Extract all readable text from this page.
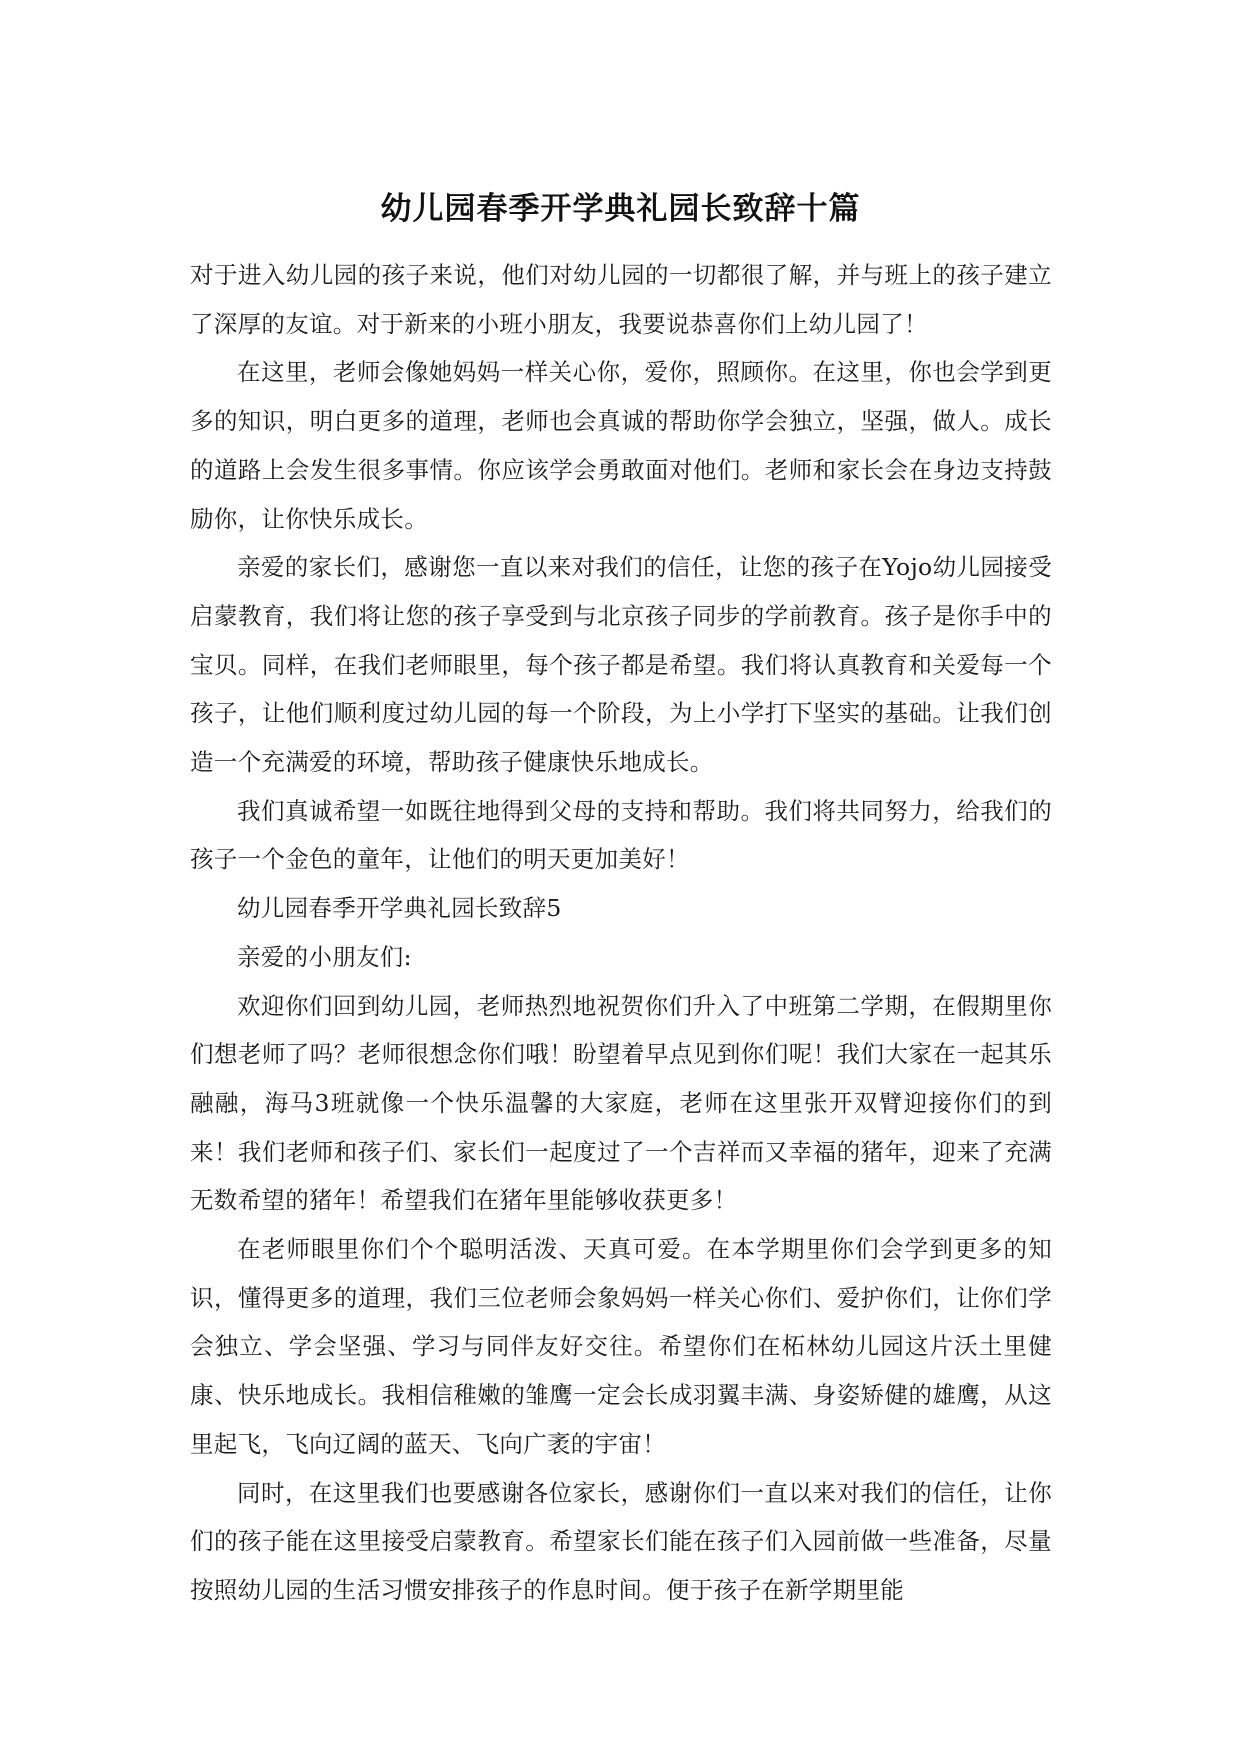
幼儿园春季开学典礼园长致辞十篇

对于进入幼儿园的孩子来说，他们对幼儿园的一切都很了解，并与班上的孩子建立了深厚的友谊。对于新来的小班小朋友，我要说恭喜你们上幼儿园了！

在这里，老师会像她妈妈一样关心你，爱你，照顾你。在这里，你也会学到更多的知识，明白更多的道理，老师也会真诚的帮助你学会独立，坚强，做人。成长的道路上会发生很多事情。你应该学会勇敢面对他们。老师和家长会在身边支持鼓励你，让你快乐成长。

亲爱的家长们，感谢您一直以来对我们的信任，让您的孩子在Yojo幼儿园接受启蒙教育，我们将让您的孩子享受到与北京孩子同步的学前教育。孩子是你手中的宝贝。同样，在我们老师眼里，每个孩子都是希望。我们将认真教育和关爱每一个孩子，让他们顺利度过幼儿园的每一个阶段，为上小学打下坚实的基础。让我们创造一个充满爱的环境，帮助孩子健康快乐地成长。

我们真诚希望一如既往地得到父母的支持和帮助。我们将共同努力，给我们的孩子一个金色的童年，让他们的明天更加美好！

幼儿园春季开学典礼园长致辞5

亲爱的小朋友们:

欢迎你们回到幼儿园，老师热烈地祝贺你们升入了中班第二学期，在假期里你们想老师了吗？老师很想念你们哦！盼望着早点见到你们呢！我们大家在一起其乐融融，海马3班就像一个快乐温馨的大家庭，老师在这里张开双臂迎接你们的到来！我们老师和孩子们、家长们一起度过了一个吉祥而又幸福的猪年，迎来了充满无数希望的猪年！希望我们在猪年里能够收获更多！

在老师眼里你们个个聪明活泼、天真可爱。在本学期里你们会学到更多的知识，懂得更多的道理，我们三位老师会象妈妈一样关心你们、爱护你们，让你们学会独立、学会坚强、学习与同伴友好交往。希望你们在柘林幼儿园这片沃土里健康、快乐地成长。我相信稚嫩的雏鹰一定会长成羽翼丰满、身姿矫健的雄鹰，从这里起飞，飞向辽阔的蓝天、飞向广袤的宇宙！

同时，在这里我们也要感谢各位家长，感谢你们一直以来对我们的信任，让你们的孩子能在这里接受启蒙教育。希望家长们能在孩子们入园前做一些准备，尽量按照幼儿园的生活习惯安排孩子的作息时间。便于孩子在新学期里能
